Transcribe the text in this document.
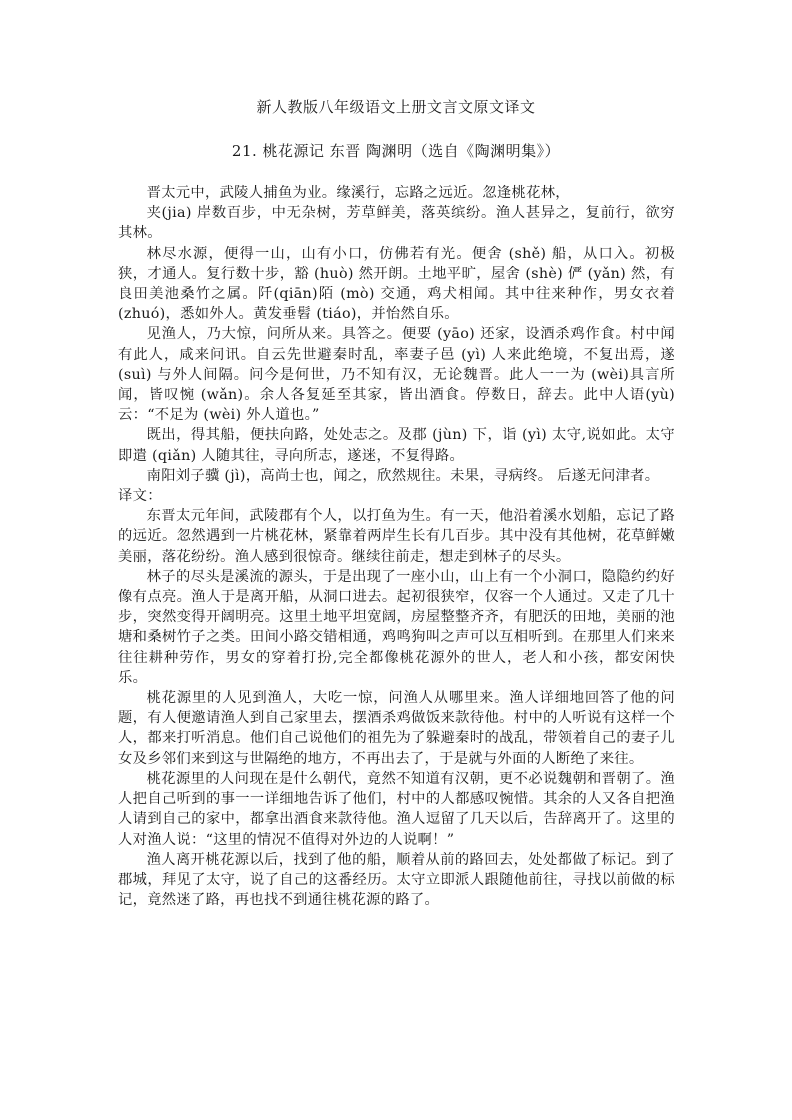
新人教版八年级语文上册文言文原文译文
21. 桃花源记 东晋 陶渊明（选自《陶渊明集》）

晋太元中，武陵人捕鱼为业。缘溪行，忘路之远近。忽逢桃花林，

夹(jia) 岸数百步，中无杂树，芳草鲜美，落英缤纷。渔人甚异之，复前行，欲穷其林。

林尽水源，便得一山，山有小口，仿佛若有光。便舍 (shě) 船，从口入。初极狭，才通人。复行数十步，豁 (huò) 然开朗。土地平旷，屋舍 (shè) 俨 (yǎn) 然，有良田美池桑竹之属。阡(qiān)陌 (mò) 交通，鸡犬相闻。其中往来种作，男女衣着 (zhuó)，悉如外人。黄发垂髫 (tiáo)，并怡然自乐。

见渔人，乃大惊，问所从来。具答之。便要 (yāo) 还家，设酒杀鸡作食。村中闻有此人，咸来问讯。自云先世避秦时乱，率妻子邑 (yì) 人来此绝境，不复出焉，遂 (suì) 与外人间隔。问今是何世，乃不知有汉，无论魏晋。此人一一为 (wèi)具言所闻，皆叹惋 (wǎn)。余人各复延至其家，皆出酒食。停数日，辞去。此中人语(yù)云：“不足为 (wèi) 外人道也。”

既出，得其船，便扶向路，处处志之。及郡 (jùn) 下，诣 (yì) 太守,说如此。太守即遣 (qiǎn) 人随其往，寻向所志，遂迷，不复得路。

南阳刘子骥 (jì)，高尚士也，闻之，欣然规往。未果，寻病终。 后遂无问津者。

译文：

东晋太元年间，武陵郡有个人，以打鱼为生。有一天，他沿着溪水划船，忘记了路的远近。忽然遇到一片桃花林，紧靠着两岸生长有几百步。其中没有其他树，花草鲜嫩美丽，落花纷纷。渔人感到很惊奇。继续往前走，想走到林子的尽头。

林子的尽头是溪流的源头，于是出现了一座小山，山上有一个小洞口，隐隐约约好像有点亮。渔人于是离开船，从洞口进去。起初很狭窄，仅容一个人通过。又走了几十步，突然变得开阔明亮。这里土地平坦宽阔，房屋整整齐齐，有肥沃的田地，美丽的池塘和桑树竹子之类。田间小路交错相通，鸡鸣狗叫之声可以互相听到。在那里人们来来往往耕种劳作，男女的穿着打扮,完全都像桃花源外的世人，老人和小孩，都安闲快乐。

桃花源里的人见到渔人，大吃一惊，问渔人从哪里来。渔人详细地回答了他的问题，有人便邀请渔人到自己家里去，摆酒杀鸡做饭来款待他。村中的人听说有这样一个人，都来打听消息。他们自己说他们的祖先为了躲避秦时的战乱，带领着自己的妻子儿女及乡邻们来到这与世隔绝的地方，不再出去了，于是就与外面的人断绝了来往。

桃花源里的人问现在是什么朝代，竟然不知道有汉朝，更不必说魏朝和晋朝了。渔人把自己听到的事一一详细地告诉了他们，村中的人都感叹惋惜。其余的人又各自把渔人请到自己的家中，都拿出酒食来款待他。渔人逗留了几天以后，告辞离开了。这里的人对渔人说：“这里的情况不值得对外边的人说啊！”

渔人离开桃花源以后，找到了他的船，顺着从前的路回去，处处都做了标记。到了郡城，拜见了太守，说了自己的这番经历。太守立即派人跟随他前往，寻找以前做的标记，竟然迷了路，再也找不到通往桃花源的路了。
